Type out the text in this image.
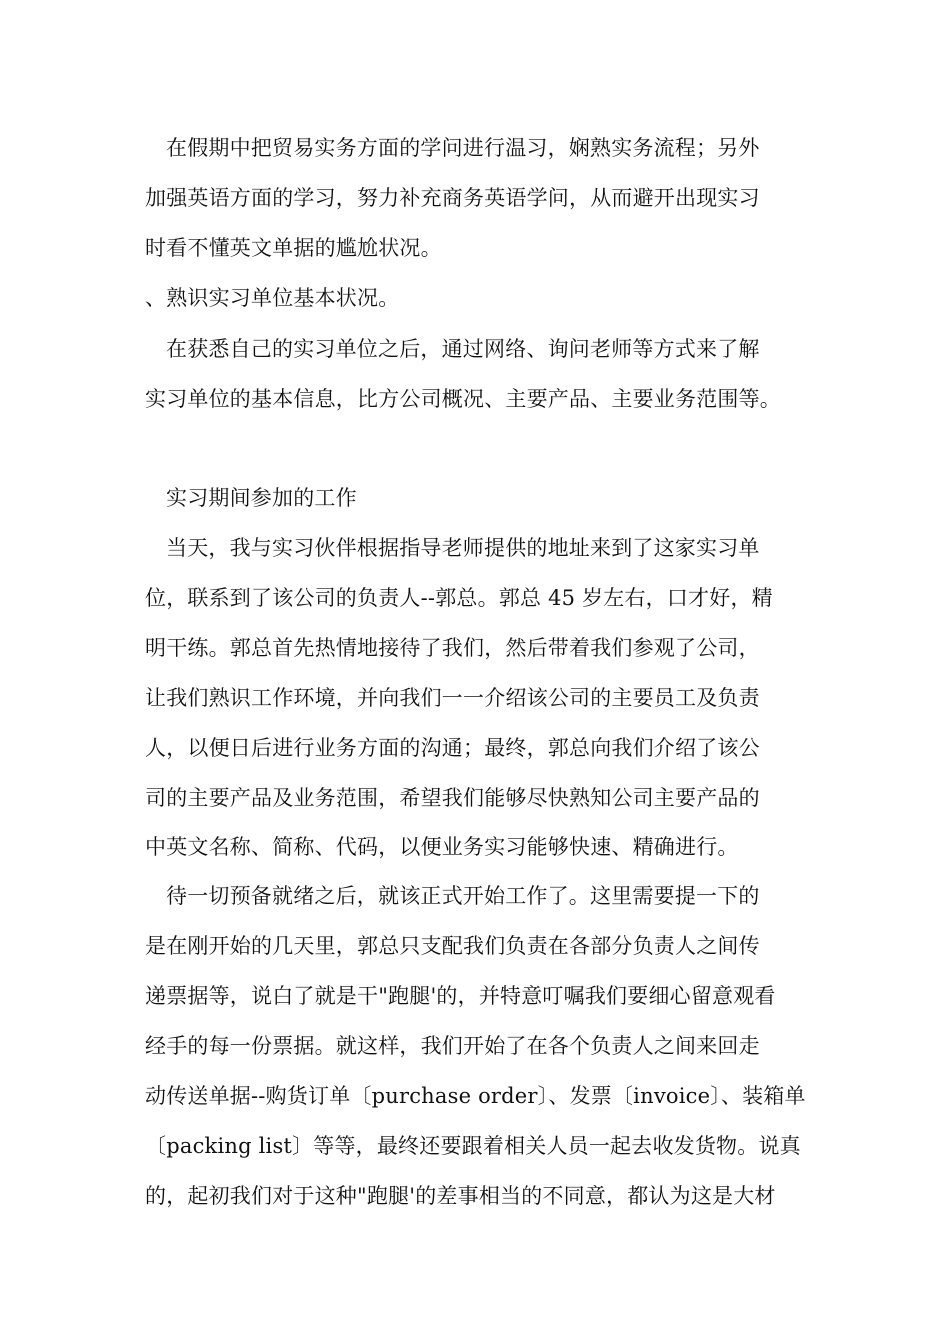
在假期中把贸易实务方面的学问进行温习，娴熟实务流程；另外
加强英语方面的学习，努力补充商务英语学问，从而避开出现实习
时看不懂英文单据的尴尬状况。
、熟识实习单位基本状况。
在获悉自己的实习单位之后，通过网络、询问老师等方式来了解
实习单位的基本信息，比方公司概况、主要产品、主要业务范围等。
实习期间参加的工作
当天，我与实习伙伴根据指导老师提供的地址来到了这家实习单
位，联系到了该公司的负责人--郭总。郭总 45 岁左右，口才好，精
明干练。郭总首先热情地接待了我们，然后带着我们参观了公司，
让我们熟识工作环境，并向我们一一介绍该公司的主要员工及负责
人，以便日后进行业务方面的沟通；最终，郭总向我们介绍了该公
司的主要产品及业务范围，希望我们能够尽快熟知公司主要产品的
中英文名称、简称、代码，以便业务实习能够快速、精确进行。
待一切预备就绪之后，就该正式开始工作了。这里需要提一下的
是在刚开始的几天里，郭总只支配我们负责在各部分负责人之间传
递票据等，说白了就是干"跑腿'的，并特意叮嘱我们要细心留意观看
经手的每一份票据。就这样，我们开始了在各个负责人之间来回走
动传送单据--购货订单〔purchase order〕、发票〔invoice〕、装箱单
〔packing list〕等等，最终还要跟着相关人员一起去收发货物。说真
的，起初我们对于这种"跑腿'的差事相当的不同意，都认为这是大材
